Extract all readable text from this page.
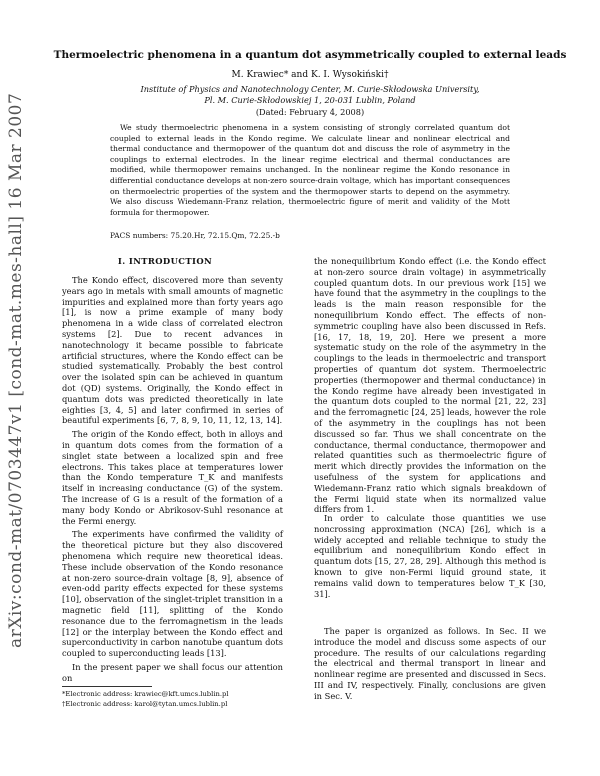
arXiv:cond-mat/0703447v1 [cond-mat.mes-hall] 16 Mar 2007
Thermoelectric phenomena in a quantum dot asymmetrically coupled to external leads
M. Krawiec* and K. I. Wysokiński†
Institute of Physics and Nanotechnology Center, M. Curie-Skłodowska University,
Pl. M. Curie-Skłodowskiej 1, 20-031 Lublin, Poland
(Dated: February 4, 2008)

We study thermoelectric phenomena in a system consisting of strongly correlated quantum dot coupled to external leads in the Kondo regime. We calculate linear and nonlinear electrical and thermal conductance and thermopower of the quantum dot and discuss the role of asymmetry in the couplings to external electrodes. In the linear regime electrical and thermal conductances are modified, while thermopower remains unchanged. In the nonlinear regime the Kondo resonance in differential conductance develops at non-zero source-drain voltage, which has important consequences on thermoelectric properties of the system and the thermopower starts to depend on the asymmetry. We also discuss Wiedemann-Franz relation, thermoelectric figure of merit and validity of the Mott formula for thermopower.

PACS numbers: 75.20.Hr, 72.15.Qm, 72.25.-b
I. INTRODUCTION

The Kondo effect, discovered more than seventy years ago in metals with small amounts of magnetic impurities and explained more than forty years ago [1], is now a prime example of many body phenomena in a wide class of correlated electron systems [2]. Due to recent advances in nanotechnology it became possible to fabricate artificial structures, where the Kondo effect can be studied systematically. Probably the best control over the isolated spin can be achieved in quantum dot (QD) systems. Originally, the Kondo effect in quantum dots was predicted theoretically in late eighties [3, 4, 5] and later confirmed in series of beautiful experiments [6, 7, 8, 9, 10, 11, 12, 13, 14].

The origin of the Kondo effect, both in alloys and in quantum dots comes from the formation of a singlet state between a localized spin and free electrons. This takes place at temperatures lower than the Kondo temperature T_K and manifests itself in increasing conductance (G) of the system. The increase of G is a result of the formation of a many body Kondo or Abrikosov-Suhl resonance at the Fermi energy.

The experiments have confirmed the validity of the theoretical picture but they also discovered phenomena which require new theoretical ideas. These include observation of the Kondo resonance at non-zero source-drain voltage [8, 9], absence of even-odd parity effects expected for these systems [10], observation of the singlet-triplet transition in a magnetic field [11], splitting of the Kondo resonance due to the ferromagnetism in the leads [12] or the interplay between the Kondo effect and superconductivity in carbon nanotube quantum dots coupled to superconducting leads [13].

In the present paper we shall focus our attention on

the nonequilibrium Kondo effect (i.e. the Kondo effect at non-zero source drain voltage) in asymmetrically coupled quantum dots. In our previous work [15] we have found that the asymmetry in the couplings to the leads is the main reason responsible for the nonequilibrium Kondo effect. The effects of non-symmetric coupling have also been discussed in Refs. [16, 17, 18, 19, 20]. Here we present a more systematic study on the role of the asymmetry in the couplings to the leads in thermoelectric and transport properties of quantum dot system. Thermoelectric properties (thermopower and thermal conductance) in the Kondo regime have already been investigated in the quantum dots coupled to the normal [21, 22, 23] and the ferromagnetic [24, 25] leads, however the role of the asymmetry in the couplings has not been discussed so far. Thus we shall concentrate on the conductance, thermal conductance, thermopower and related quantities such as thermoelectric figure of merit which directly provides the information on the usefulness of the system for applications and Wiedemann-Franz ratio which signals breakdown of the Fermi liquid state when its normalized value differs from 1.

In order to calculate those quantities we use noncrossing approximation (NCA) [26], which is a widely accepted and reliable technique to study the equilibrium and nonequilibrium Kondo effect in quantum dots [15, 27, 28, 29]. Although this method is known to give non-Fermi liquid ground state, it remains valid down to temperatures below T_K [30, 31].

The paper is organized as follows. In Sec. II we introduce the model and discuss some aspects of our procedure. The results of our calculations regarding the electrical and thermal transport in linear and nonlinear regime are presented and discussed in Secs. III and IV, respectively. Finally, conclusions are given in Sec. V.

*Electronic address: krawiec@kft.umcs.lublin.pl
†Electronic address: karol@tytan.umcs.lublin.pl
